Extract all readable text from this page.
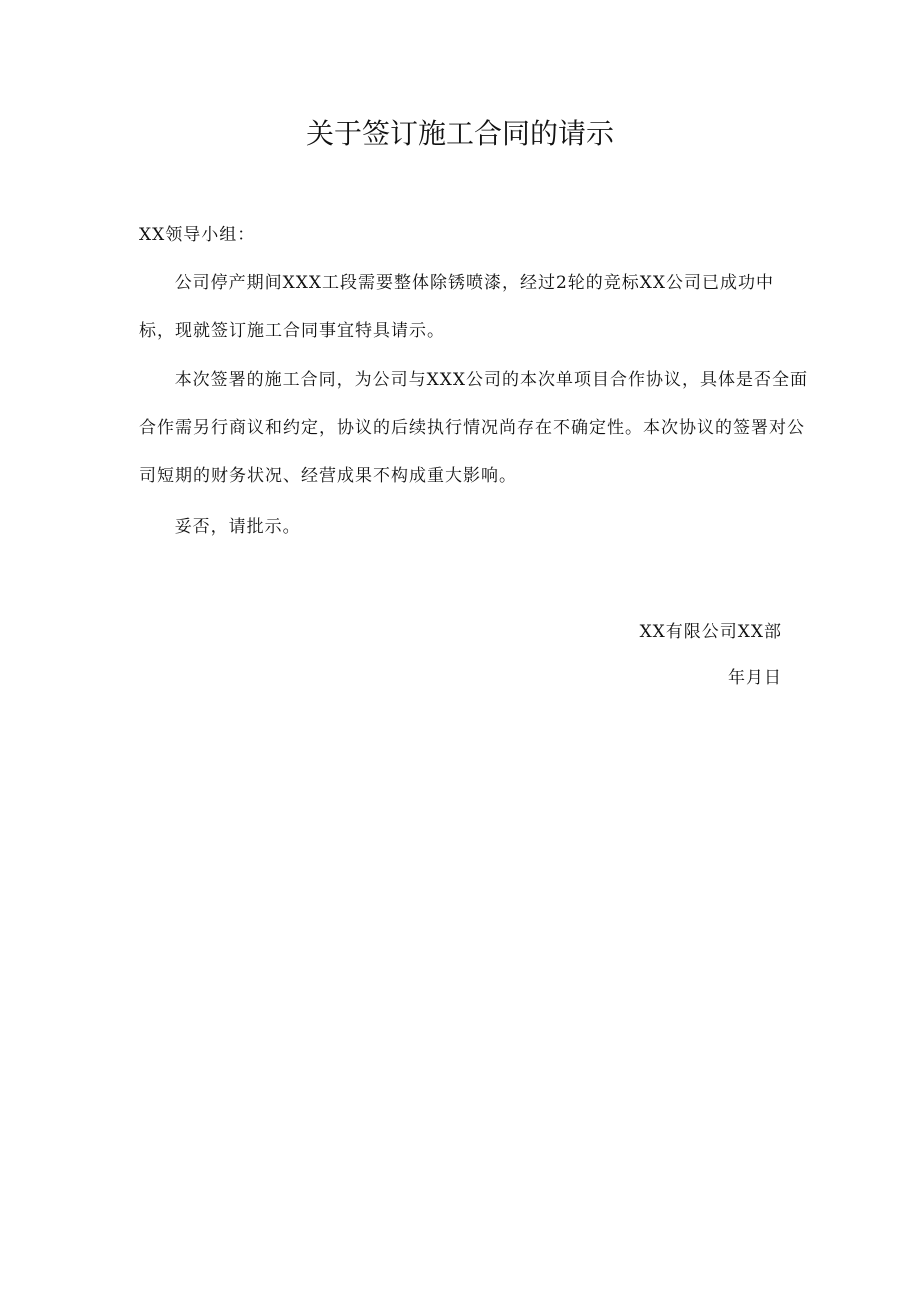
关于签订施工合同的请示
XX领导小组：

公司停产期间XXX工段需要整体除锈喷漆，经过2轮的竞标XX公司已成功中标，现就签订施工合同事宜特具请示。

本次签署的施工合同，为公司与XXX公司的本次单项目合作协议，具体是否全面合作需另行商议和约定，协议的后续执行情况尚存在不确定性。本次协议的签署对公司短期的财务状况、经营成果不构成重大影响。

妥否，请批示。

XX有限公司XX部
年月日
